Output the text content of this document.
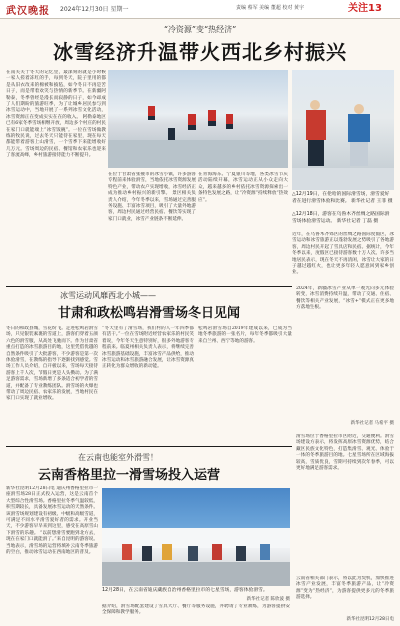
武汉晚报 2024年12月30日 星期一	责编 蔡军 美编 董超 校对 黄宇	关注13
“冷资源”变“热经济”
冰雪经济升温带火西北乡村振兴
在南关关于冬天的记忆里，最深刻的就是小时候一家人搓着冻红的手，每到冬天，院子里用的都是从旧衣改来的棉被和披毡，如今冬日不再是苦日子，而是带着欢笑与热情的新季节。在新疆阿勒泰，冬季曾经是漫长而寂静的日子，如今却成了人们期盼的旅游旺季，为了让城乡居民参与到冰雪运动中，当地开展了一系列冰雪文化活动，冰雪资源正在变成实实在在的收入。 阿勒泰地区已有6家冬季雪场相继开放，周边多个村庄的村民在家门口就能端上“冰雪饭碗”。一位在雪场做教练的牧民说，过去冬天只能待在家里，现在每天都能带着游客上山滑雪，一个雪季下来能增收好几万元。雪场周边的民宿、餐馆和农家乐也迎来了客流高峰，乡村旅游接待能力不断提升。
在位于甘肃省张掖市的冰雪小镇，许多游客专程前来体验滑雪，当地依托冰雪资源发展特色产业，带动农户实现增收，冰雪经济正成为推动乡村振兴的新引擎。 景区相关负责人介绍，今年冬季以来，雪场通过完善服务设施、丰富冰雪项目，吸引了大量外地游客，周边村民通过经营民宿、餐饮等实现了家门口就业，冰雪产业链条不断延伸。
在青海海东、宁夏银川等地，各类冰雪节庆活动陆续开幕，冰雪运动正从小众走向大众，越来越多的乡村依托冰雪资源探索出一条特色发展之路，让“冷资源”持续释放“热效应”。
△12月19日，在伦哈的国际滑雪场，滑雪爱好者在进行滑雪体验和比赛。 新华社记者 王菲 摄
△12月18日，游客在乌鲁木齐丝绸之路国际滑雪场体验滑雪运动。 新华社记者 丁磊 摄
近年，在乌鲁木齐郊区的丝绸之路国际度假区，冰雪运动和冰雪旅游正以蓬勃发展之势吸引了各地游客，周边村民开起了雪具店和民宿。据统计，今年冬季以来，度假区已接待游客数十万人次。许多当地居民表示，现在冬天不再清闲，冰雪让大家的日子越过越红火，也让更多年轻人愿意回到家乡创业。
冰雪运动风靡西北小城——
甘肃和政松鸣岩滑雪场冬日见闻
冬日的和政县城，雪花纷飞。走进松鸣岩滑雪场，只见银装素裹的雪道上，游客们穿着五颜六色的滑雪服，从高处飞驰而下。作为甘肃省重点打造的冰雪旅游目的地，这里凭借优越的自然条件吸引了大批游客，不少游客是第一次体验滑雪，在教练的指导下逐渐找到感觉。雪场工作人员介绍，自开板以来，雪场每天接待游客上千人次，节假日更是人头攒动。为了满足游客需求，雪场新增了多条适合初学者的雪道，并配备了专业教练团队。滑雪场的火爆也带动了周边民宿、农家乐的发展，当地村民在家门口实现了就业增收。
“冬天里有了滑雪场，我们村的人一年四季都有活干。”一位在雪场附近经营农家乐的村民笑着说，今年冬天生意特别好，很多外地游客专程前来。临夏州相关负责人表示，将继续完善冰雪旅游基础设施，丰富冰雪产品供给，推动冰雪运动和冰雪旅游融合发展，让冰雪资源真正转化为群众增收的新动能。
松鸣岩滑雪场自2019年建成以来，已成为当地冬季旅游的一张名片，每年冬季都吸引大量来自兰州、西宁等地的游客。
2024年，新疆冰雪产业从单一观光向多元体验转变，冰雪消费持续升温，带动了交通、住宿、餐饮等相关产业发展，“冰雪+”模式正在更多地方落地生根。
新华社记者 马希平 摄
在云南也能室外滑雪！
云南香格里拉一滑雪场投入运营
新华社昆明12月28日电 迪庆州香格里拉市一座滑雪场28日正式投入运营，这是云南首个大型综合性滑雪场。香格里拉冬季气温较低，积雪期较长，具备发展冰雪运动的天然条件。该滑雪场规划建设有初级、中级和高级雪道，可满足不同水平滑雪爱好者的需求。开业当天，不少游客早早来到这里，感受在高原雪山下滑雪的乐趣。 “以前想滑雪要跑到北方去，现在在家门口就能滑了。”来自昆明的游客说。当地表示，滑雪场的运营将填补云南冬季旅游的空白，推动冰雪运动在西南地区的普及。
12月28日，在云南省迪庆藏族自治州香格里拉市的七星雪场，游客体验滑雪。
新华社记者 陈欣波 摄
据介绍，滑雪场配套建设了雪具大厅、餐厅等服务设施，并聘请了专业教练，为游客提供安全保障和教学服务。
滑雪场位于香格里拉市区附近，交通便利。滑雪场建设方表示，将发挥高原冰雪资源优势，结合藏区民族文化特色，打造集滑雪、观光、体验于一体的冬季旅游目的地。七星雪场所在区域海拔较高，雪质优良，雪期可持续到次年春季，可以更好地满足游客需求。
云南省相关部门表示，将以此为契机，加快推进冰雪产业发展，丰富冬季旅游产品，让“冷资源”变为“热经济”，为游客提供更多元的冬季旅游选择。
新华社昆明12月28日电
